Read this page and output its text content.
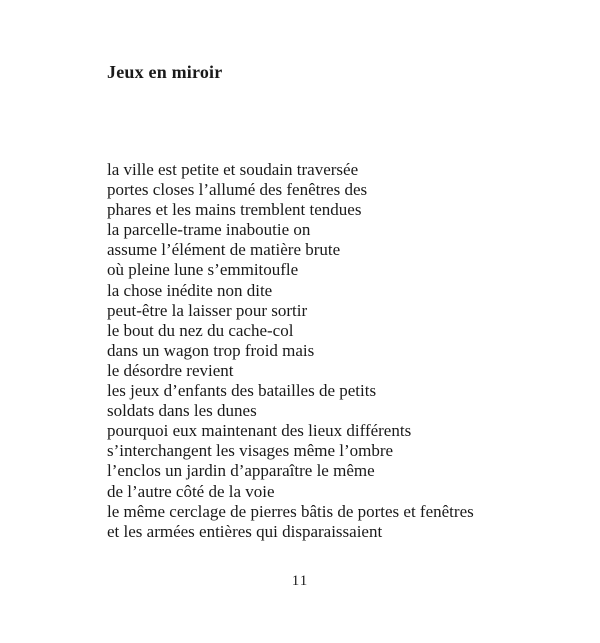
Jeux en miroir
la ville est petite et soudain traversée
portes closes l’allumé des fenêtres des
phares et les mains tremblent tendues
la parcelle-trame inaboutie on
assume l’élément de matière brute
où pleine lune s’emmitoufle
la chose inédite non dite
peut-être la laisser pour sortir
le bout du nez du cache-col
dans un wagon trop froid mais
le désordre revient
les jeux d’enfants des batailles de petits
soldats dans les dunes
pourquoi eux maintenant des lieux différents
s’interchangent les visages même l’ombre
l’enclos un jardin d’apparaître le même
de l’autre côté de la voie
le même cerclage de pierres bâtis de portes et fenêtres
et les armées entières qui disparaissaient
11
